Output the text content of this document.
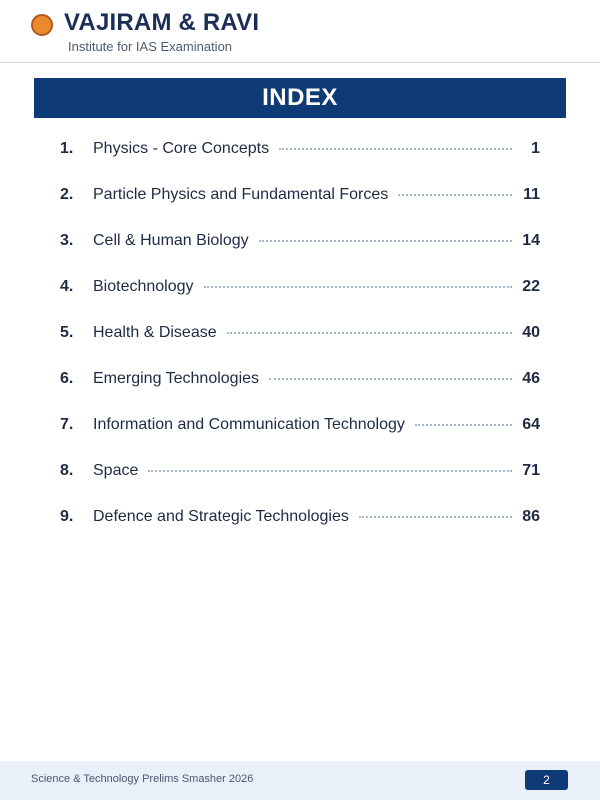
VAJIRAM & RAVI
Institute for IAS Examination
INDEX
1.	Physics - Core Concepts	1
2.	Particle Physics and Fundamental Forces	11
3.	Cell & Human Biology	14
4.	Biotechnology	22
5.	Health & Disease	40
6.	Emerging Technologies	46
7.	Information and Communication Technology	64
8.	Space	71
9.	Defence and Strategic Technologies	86
Science & Technology Prelims Smasher 2026	2
